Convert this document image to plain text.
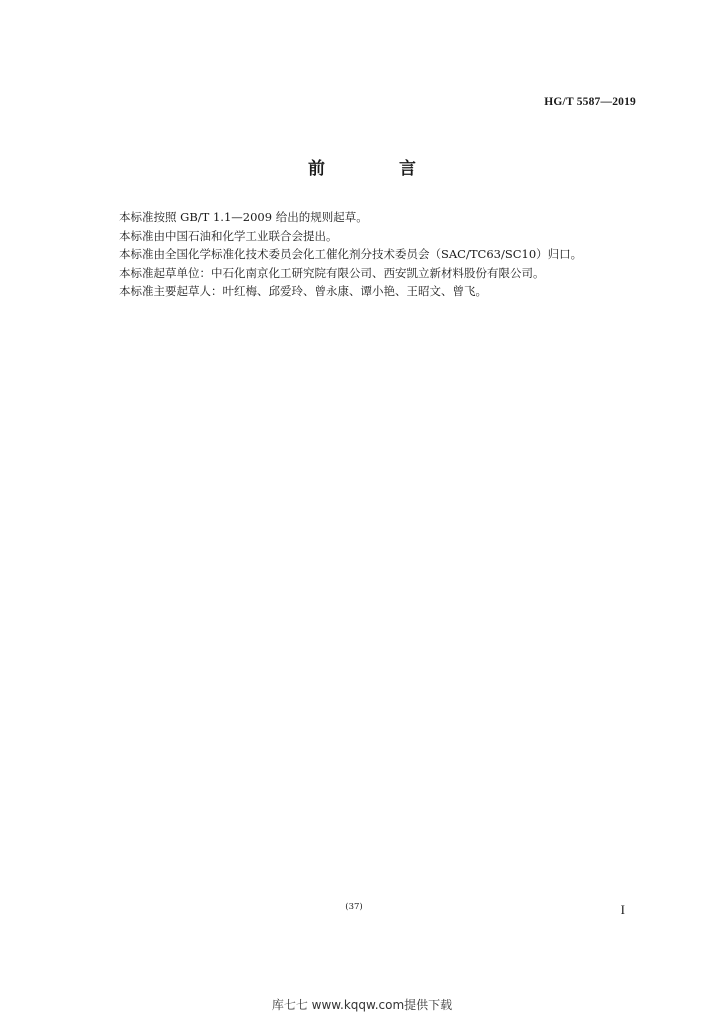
HG/T 5587—2019
前 言

本标准按照 GB/T 1.1—2009 给出的规则起草。

本标准由中国石油和化学工业联合会提出。

本标准由全国化学标准化技术委员会化工催化剂分技术委员会（SAC/TC63/SC10）归口。

本标准起草单位：中石化南京化工研究院有限公司、西安凯立新材料股份有限公司。

本标准主要起草人：叶红梅、邱爱玲、曾永康、谭小艳、王昭文、曾飞。

(37)	I
库七七 www.kqqw.com提供下载
